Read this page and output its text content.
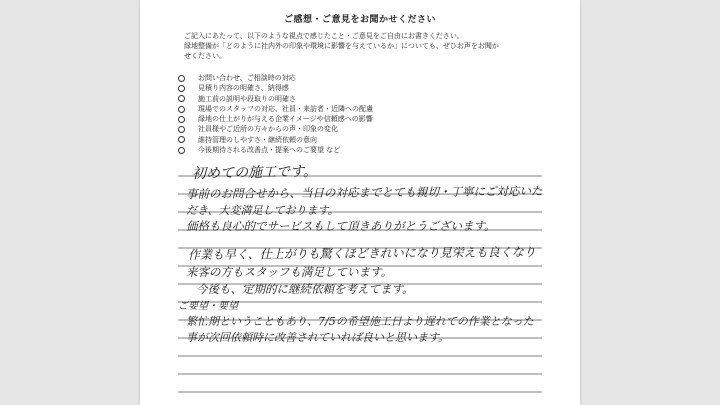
ご感想・ご意見をお聞かせください

ご記入にあたって、以下のような視点で感じたこと・ご意見をご自由にお書きください。

緑地整備が「どのように社内外の印象や環境に影響を与えているか」についても、ぜひお声をお聞か

せください。

お問い合わせ、ご相談時の対応
見積り内容の明確さ、納得感
施工前の説明や段取りの明確さ
現場でのスタッフの対応、社員・来訪者・近隣への配慮
緑地の仕上がりが与える企業イメージや信頼感への影響
社員様やご近所の方々からの声・印象の変化
維持管理のしやすさ・継続依頼の意向
今後期待される改善点・提案へのご要望 など
初めての施工です。
事前のお問合せから、当日の対応までとても親切・丁寧にご対応いた
だき、大変満足しております。
価格も良心的でサービスもして頂きありがとうございます。
作業も早く、仕上がりも驚くほどきれいになり見栄えも良くなり
来客の方もスタッフも満足しています。
今後も、定期的に継続依頼を考えてます。
ご要望・要望
繁忙期ということもあり、7/5の希望施工日より遅れての作業となった
事が次回依頼時に改善されていれば良いと思います。
